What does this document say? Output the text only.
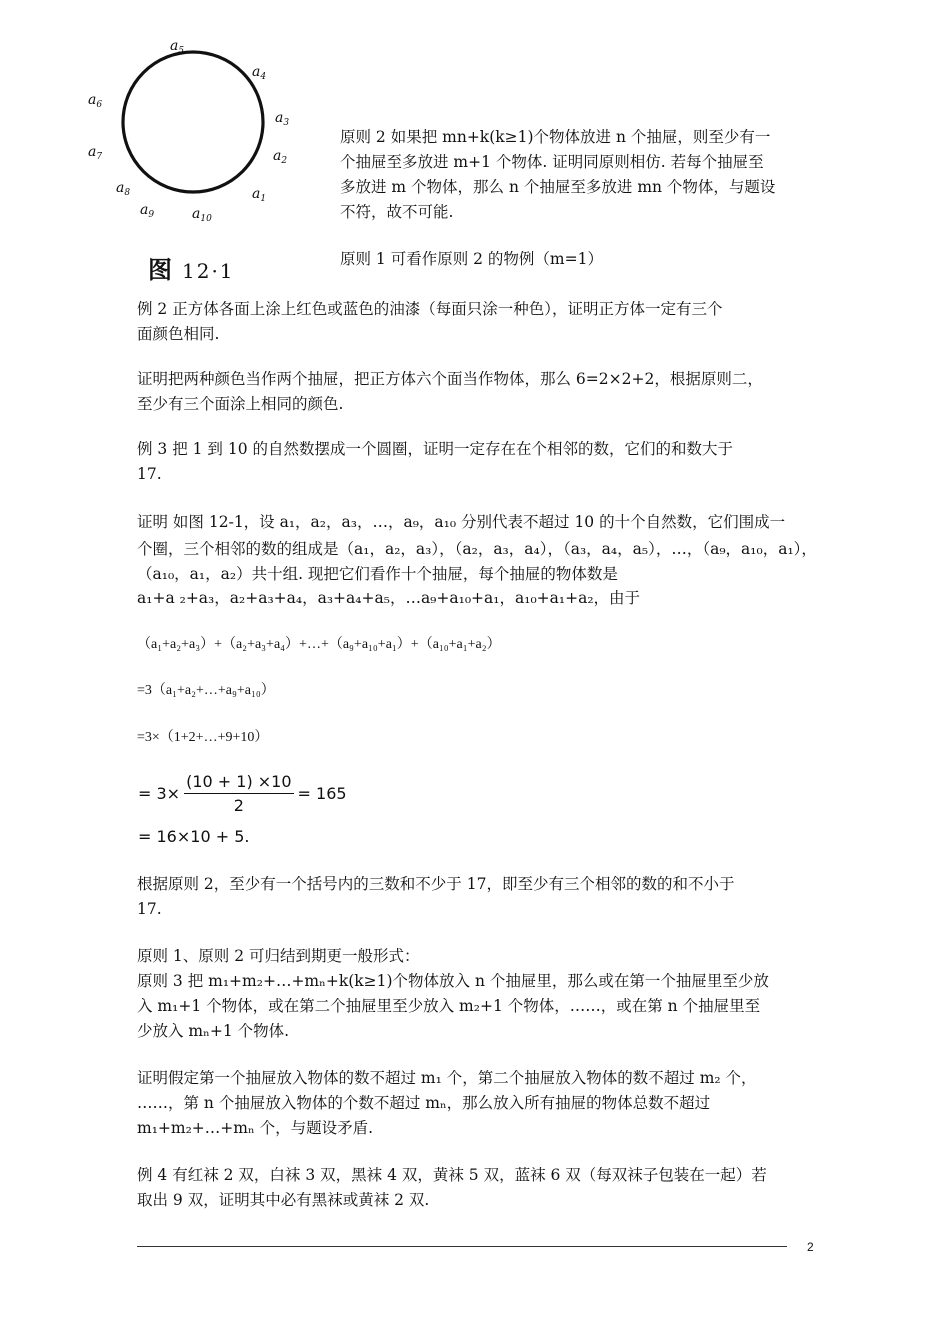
$a_5$
$a_4$
$a_3$
$a_2$
$a_1$
$a_{10}$
$a_9$
$a_8$
$a_7$
$a_6$
图 12·1
原则 2 如果把 mn+k(k≥1)个物体放进 n 个抽屉，则至少有一
个抽屉至多放进 m+1 个物体. 证明同原则相仿. 若每个抽屉至
多放进 m 个物体，那么 n 个抽屉至多放进 mn 个物体，与题设
不符，故不可能.
原则 1 可看作原则 2 的物例（m=1）
例 2 正方体各面上涂上红色或蓝色的油漆（每面只涂一种色），证明正方体一定有三个
面颜色相同.
证明把两种颜色当作两个抽屉，把正方体六个面当作物体，那么 6=2×2+2，根据原则二，
至少有三个面涂上相同的颜色.
例 3 把 1 到 10 的自然数摆成一个圆圈，证明一定存在在个相邻的数，它们的和数大于
17.
证明 如图 12-1，设 a₁，a₂，a₃，…，a₉，a₁₀ 分别代表不超过 10 的十个自然数，它们围成一
个圈，三个相邻的数的组成是（a₁，a₂，a₃），（a₂，a₃，a₄），（a₃，a₄，a₅），…，（a₉，a₁₀，a₁），
（a₁₀，a₁，a₂）共十组. 现把它们看作十个抽屉，每个抽屉的物体数是
a₁+a ₂+a₃，a₂+a₃+a₄，a₃+a₄+a₅，…a₉+a₁₀+a₁，a₁₀+a₁+a₂，由于
（a₁+a₂+a₃）+（a₂+a₃+a₄）+…+（a₉+a₁₀+a₁）+（a₁₀+a₁+a₂）
=3（a₁+a₂+…+a₉+a₁₀）
=3×（1+2+…+9+10）
= $3\times \frac{(10 + 1) \times 10}{2} = 165$
= 16×10 + 5.
根据原则 2，至少有一个括号内的三数和不少于 17，即至少有三个相邻的数的和不小于
17.
原则 1、原则 2 可归结到期更一般形式：
原则 3 把 m₁+m₂+…+mₙ+k(k≥1)个物体放入 n 个抽屉里，那么或在第一个抽屉里至少放
入 m₁+1 个物体，或在第二个抽屉里至少放入 m₂+1 个物体，……，或在第 n 个抽屉里至
少放入 mₙ+1 个物体.
证明假定第一个抽屉放入物体的数不超过 m₁ 个，第二个抽屉放入物体的数不超过 m₂ 个，
……，第 n 个抽屉放入物体的个数不超过 mₙ，那么放入所有抽屉的物体总数不超过
m₁+m₂+…+mₙ 个，与题设矛盾.
例 4 有红袜 2 双，白袜 3 双，黑袜 4 双，黄袜 5 双，蓝袜 6 双（每双袜子包装在一起）若
取出 9 双，证明其中必有黑袜或黄袜 2 双.
2
